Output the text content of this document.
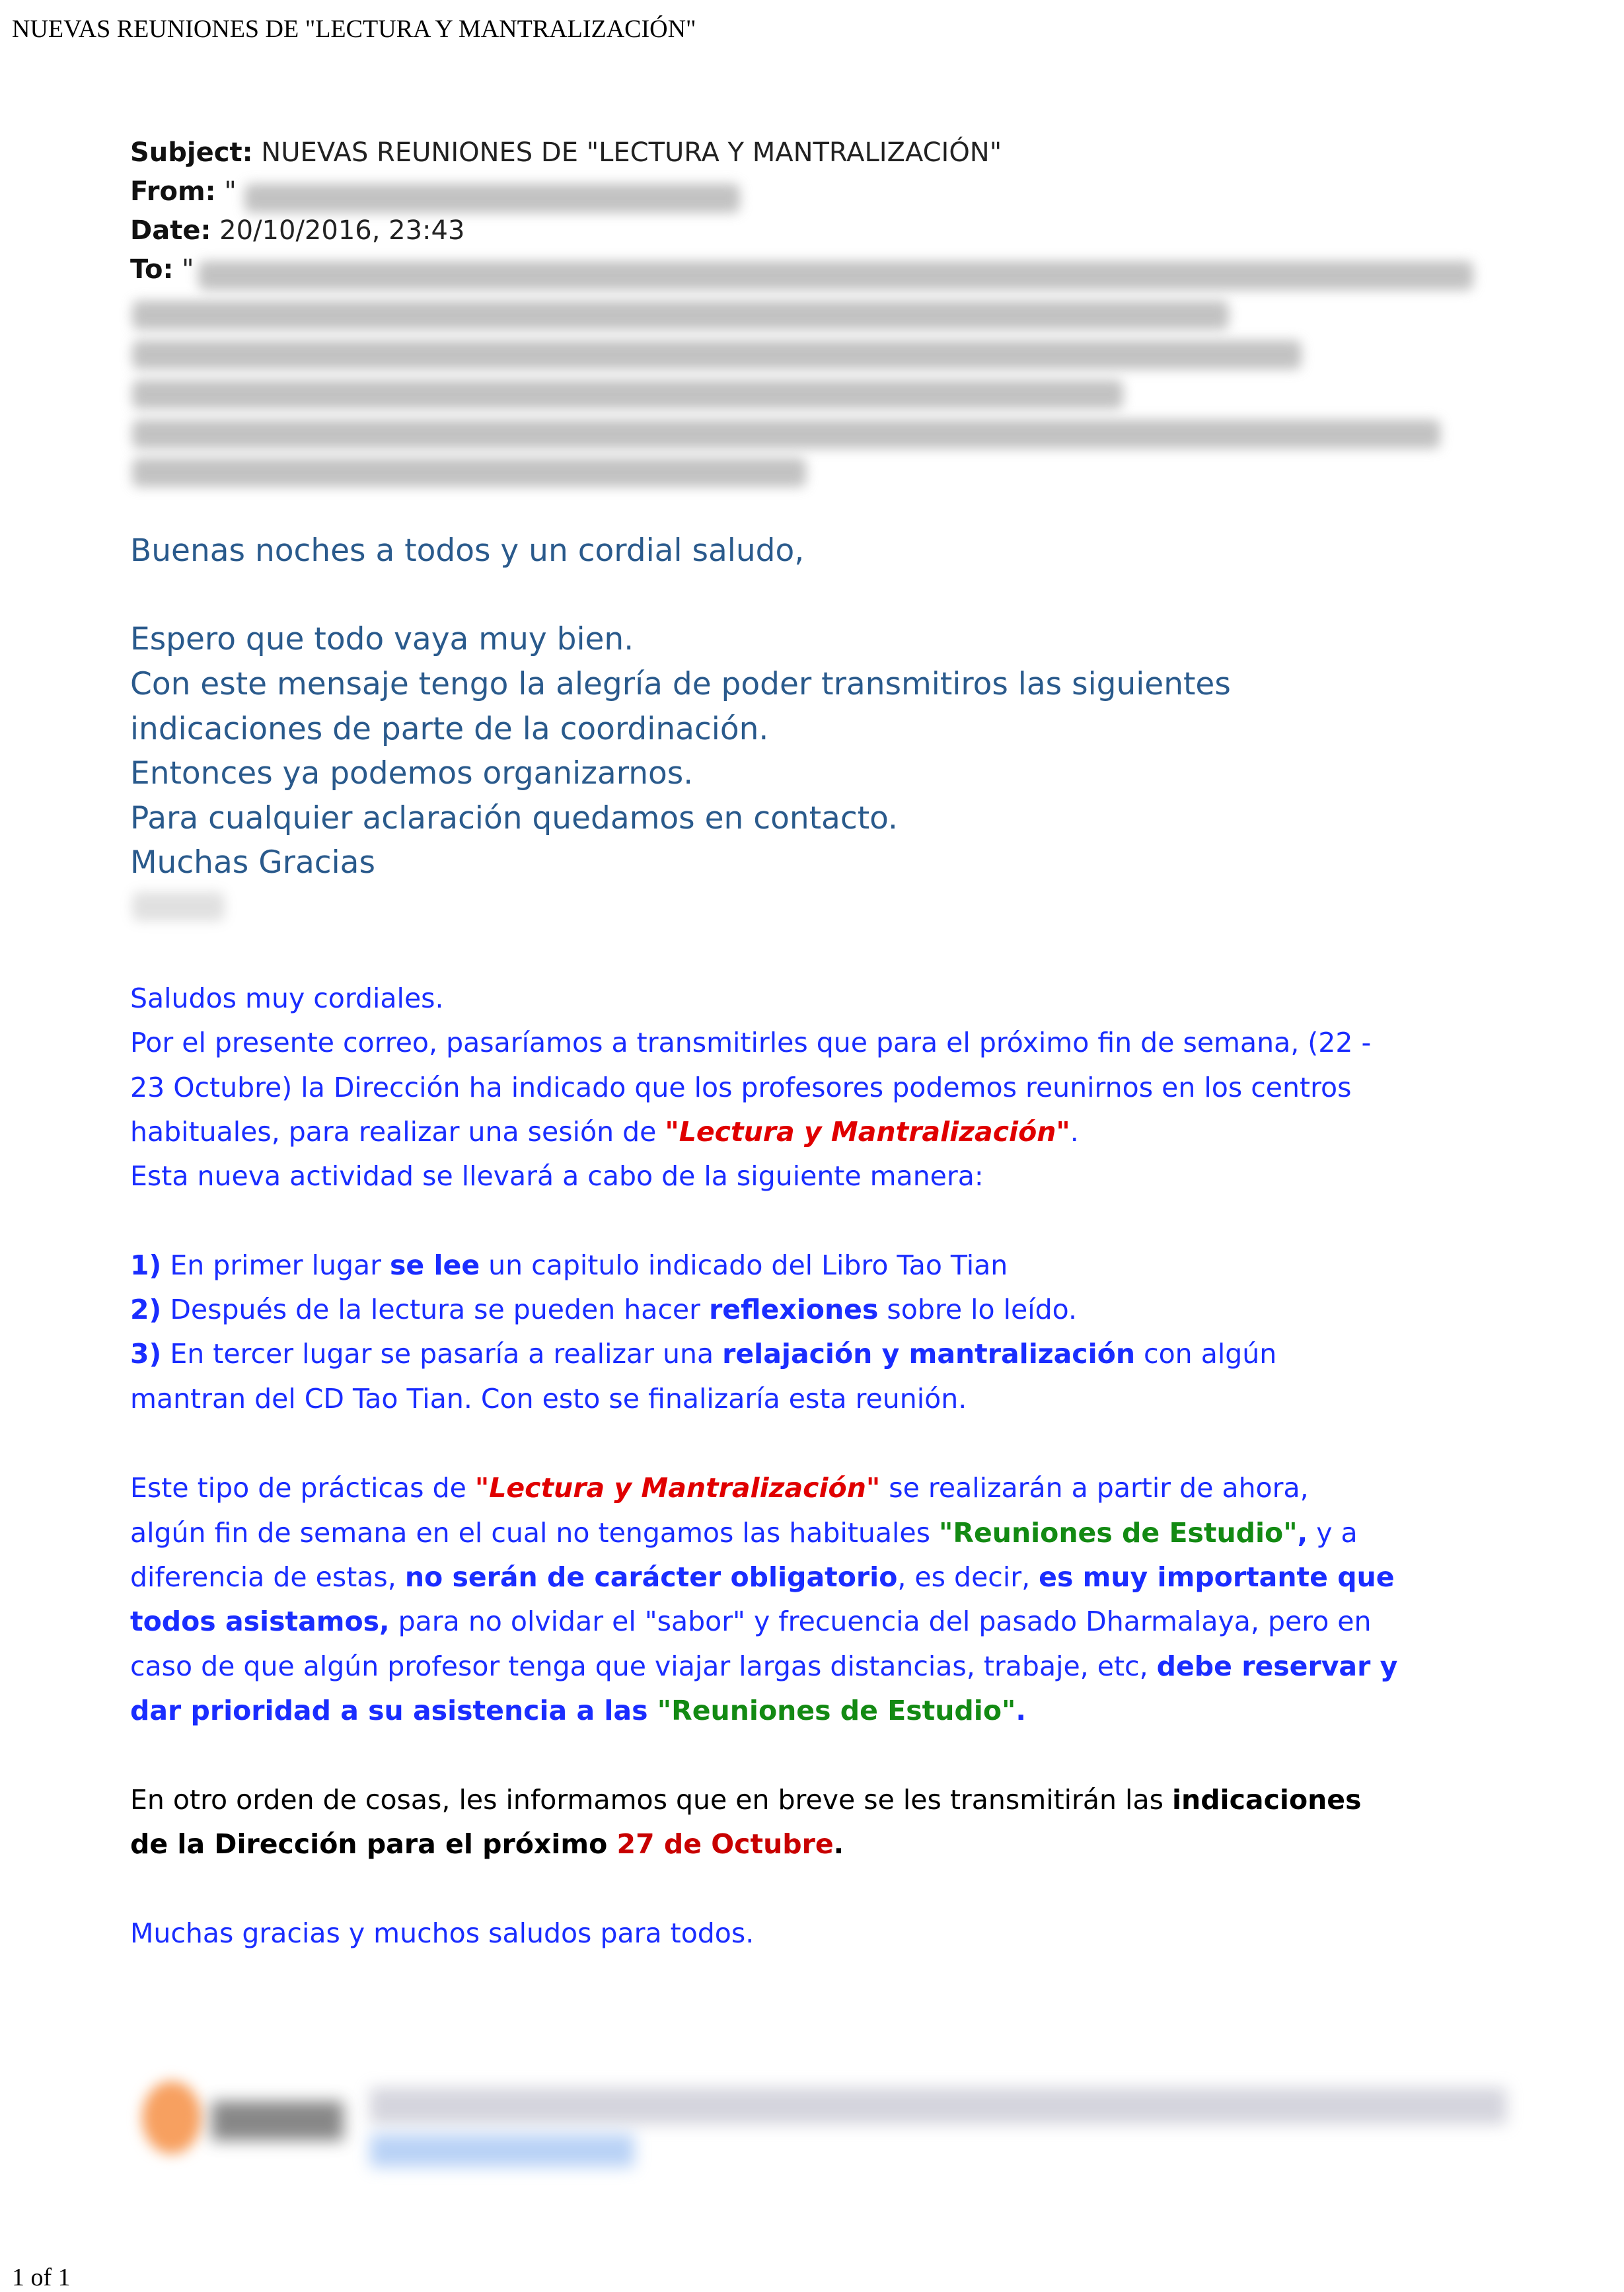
NUEVAS REUNIONES DE "LECTURA Y MANTRALIZACIÓN"
Subject: NUEVAS REUNIONES DE "LECTURA Y MANTRALIZACIÓN"
From: "
Date: 20/10/2016, 23:43
To: "
Buenas noches a todos y un cordial saludo,
Espero que todo vaya muy bien.
Con este mensaje tengo la alegría de poder transmitiros las siguientes
indicaciones de parte de la coordinación.
Entonces ya podemos organizarnos.
Para cualquier aclaración quedamos en contacto.
Muchas Gracias
Saludos muy cordiales.
Por el presente correo, pasaríamos a transmitirles que para el próximo fin de semana, (22 -
23 Octubre) la Dirección ha indicado que los profesores podemos reunirnos en los centros
habituales, para realizar una sesión de "Lectura y Mantralización".
Esta nueva actividad se llevará a cabo de la siguiente manera:
1) En primer lugar se lee un capitulo indicado del Libro Tao Tian
2) Después de la lectura se pueden hacer reflexiones sobre lo leído.
3) En tercer lugar se pasaría a realizar una relajación y mantralización con algún
mantran del CD Tao Tian. Con esto se finalizaría esta reunión.
Este tipo de prácticas de "Lectura y Mantralización" se realizarán a partir de ahora,
algún fin de semana en el cual no tengamos las habituales "Reuniones de Estudio", y a
diferencia de estas, no serán de carácter obligatorio, es decir, es muy importante que
todos asistamos, para no olvidar el "sabor" y frecuencia del pasado Dharmalaya, pero en
caso de que algún profesor tenga que viajar largas distancias, trabaje, etc, debe reservar y
dar prioridad a su asistencia a las "Reuniones de Estudio".
En otro orden de cosas, les informamos que en breve se les transmitirán las indicaciones
de la Dirección para el próximo 27 de Octubre.
Muchas gracias y muchos saludos para todos.
1 of 1
